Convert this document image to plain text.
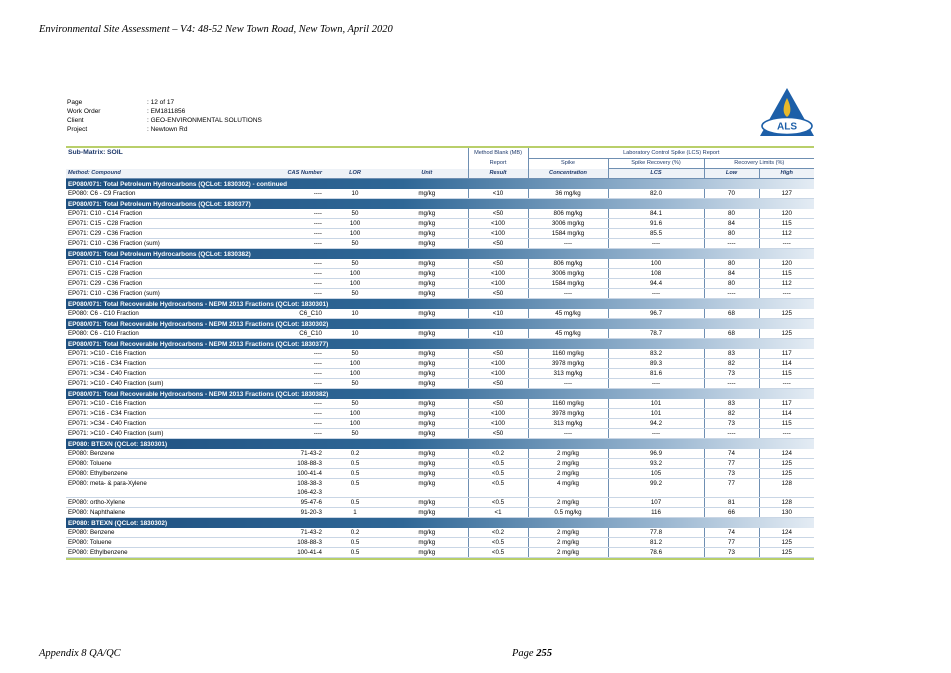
Environmental Site Assessment – V4: 48-52 New Town Road, New Town, April 2020
Page	: 12 of 17
Work Order	: EM1811856
Client	: GEO-ENVIRONMENTAL SOLUTIONS
Project	: Newtown Rd	ALS
Sub-Matrix: SOIL				Method Blank (MB)	Laboratory Control Spike (LCS) Report			
				Report	Spike	Spike Recovery (%)	Recovery Limits (%)	
Method: Compound	CAS Number	LOR	Unit	Result	Concentration	LCS	Low	High
EP080/071: Total Petroleum Hydrocarbons (QCLot: 1830302) - continued								
EP080: C6 - C9 Fraction	----	10	mg/kg	<10	36 mg/kg	82.0	70	127
EP080/071: Total Petroleum Hydrocarbons (QCLot: 1830377)								
EP071: C10 - C14 Fraction	----	50	mg/kg	<50	806 mg/kg	84.1	80	120
EP071: C15 - C28 Fraction	----	100	mg/kg	<100	3006 mg/kg	91.6	84	115
EP071: C29 - C36 Fraction	----	100	mg/kg	<100	1584 mg/kg	85.5	80	112
EP071: C10 - C36 Fraction (sum)	----	50	mg/kg	<50	----	----	----	----
EP080/071: Total Petroleum Hydrocarbons (QCLot: 1830382)								
EP071: C10 - C14 Fraction	----	50	mg/kg	<50	806 mg/kg	100	80	120
EP071: C15 - C28 Fraction	----	100	mg/kg	<100	3006 mg/kg	108	84	115
EP071: C29 - C36 Fraction	----	100	mg/kg	<100	1584 mg/kg	94.4	80	112
EP071: C10 - C36 Fraction (sum)	----	50	mg/kg	<50	----	----	----	----
EP080/071: Total Recoverable Hydrocarbons - NEPM 2013 Fractions (QCLot: 1830301)								
EP080: C6 - C10 Fraction	C6_C10	10	mg/kg	<10	45 mg/kg	96.7	68	125
EP080/071: Total Recoverable Hydrocarbons - NEPM 2013 Fractions (QCLot: 1830302)								
EP080: C6 - C10 Fraction	C6_C10	10	mg/kg	<10	45 mg/kg	78.7	68	125
EP080/071: Total Recoverable Hydrocarbons - NEPM 2013 Fractions (QCLot: 1830377)								
EP071: >C10 - C16 Fraction	----	50	mg/kg	<50	1160 mg/kg	83.2	83	117
EP071: >C16 - C34 Fraction	----	100	mg/kg	<100	3978 mg/kg	89.3	82	114
EP071: >C34 - C40 Fraction	----	100	mg/kg	<100	313 mg/kg	81.6	73	115
EP071: >C10 - C40 Fraction (sum)	----	50	mg/kg	<50	----	----	----	----
EP080/071: Total Recoverable Hydrocarbons - NEPM 2013 Fractions (QCLot: 1830382)								
EP071: >C10 - C16 Fraction	----	50	mg/kg	<50	1160 mg/kg	101	83	117
EP071: >C16 - C34 Fraction	----	100	mg/kg	<100	3978 mg/kg	101	82	114
EP071: >C34 - C40 Fraction	----	100	mg/kg	<100	313 mg/kg	94.2	73	115
EP071: >C10 - C40 Fraction (sum)	----	50	mg/kg	<50	----	----	----	----
EP080: BTEXN (QCLot: 1830301)								
EP080: Benzene	71-43-2	0.2	mg/kg	<0.2	2 mg/kg	96.9	74	124
EP080: Toluene	108-88-3	0.5	mg/kg	<0.5	2 mg/kg	93.2	77	125
EP080: Ethylbenzene	100-41-4	0.5	mg/kg	<0.5	2 mg/kg	105	73	125
EP080: meta- & para-Xylene	108-38-3
106-42-3	0.5	mg/kg	<0.5	4 mg/kg	99.2	77	128
EP080: ortho-Xylene	95-47-6	0.5	mg/kg	<0.5	2 mg/kg	107	81	128
EP080: Naphthalene	91-20-3	1	mg/kg	<1	0.5 mg/kg	116	66	130
EP080: BTEXN (QCLot: 1830302)								
EP080: Benzene	71-43-2	0.2	mg/kg	<0.2	2 mg/kg	77.8	74	124
EP080: Toluene	108-88-3	0.5	mg/kg	<0.5	2 mg/kg	81.2	77	125
EP080: Ethylbenzene	100-41-4	0.5	mg/kg	<0.5	2 mg/kg	78.6	73	125
Appendix 8 QA/QC	Page 255
